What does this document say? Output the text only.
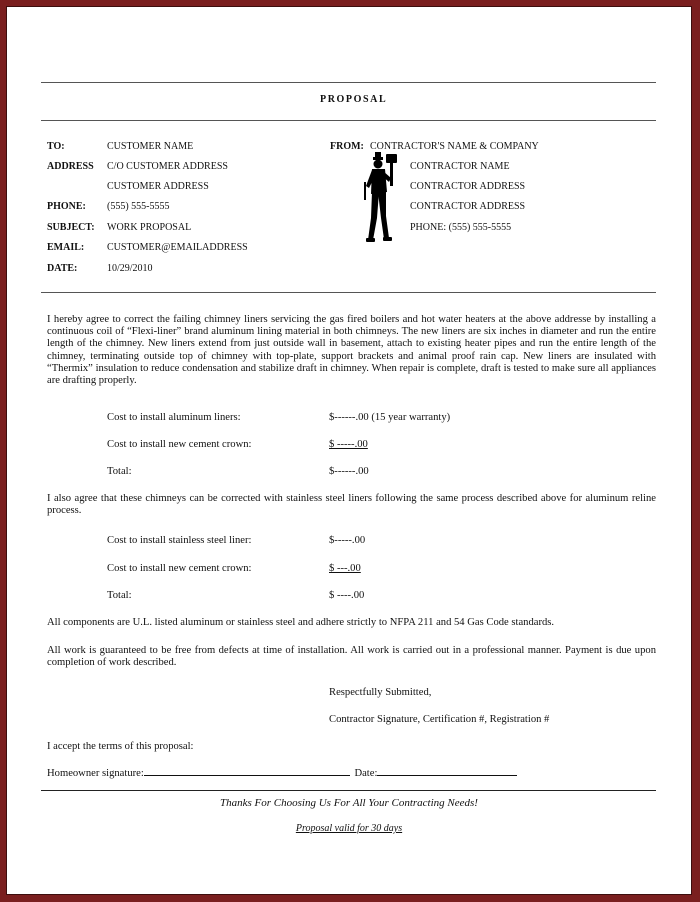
PROPOSAL
TO:	CUSTOMER NAME
ADDRESS C/O CUSTOMER ADDRESS
CUSTOMER ADDRESS
PHONE: (555) 555-5555
SUBJECT: WORK PROPOSAL
EMAIL: CUSTOMER@EMAILADDRESS
DATE:	10/29/2010
FROM: CONTRACTOR'S NAME & COMPANY
CONTRACTOR NAME
CONTRACTOR ADDRESS
CONTRACTOR ADDRESS
PHONE: (555) 555-5555
I hereby agree to correct the failing chimney liners servicing the gas fired boilers and hot water heaters at the above addresse by installing a continuous coil of “Flexi-liner” brand aluminum lining material in both chimneys. The new liners are six inches in diameter and run the entire length of the chimney. New liners extend from just outside wall in basement, attach to existing heater pipes and run the entire length of the chimney, terminating outside top of chimney with top-plate, support brackets and animal proof rain cap. New liners are insulated with “Thermix” insulation to reduce condensation and stabilize draft in chimney. When repair is complete, draft is tested to make sure all appliances are drafting properly.
Cost to install aluminum liners:	$------.00 (15 year warranty)
Cost to install new cement crown:	$ -----.00
Total:	$------.00
I also agree that these chimneys can be corrected with stainless steel liners following the same process described above for aluminum reline process.
Cost to install stainless steel liner:	$-----.00
Cost to install new cement crown:	$ ---.00
Total:	$ ----.00
All components are U.L. listed aluminum or stainless steel and adhere strictly to NFPA 211 and 54 Gas Code standards.
All work is guaranteed to be free from defects at time of installation. All work is carried out in a professional manner. Payment is due upon completion of work described.
Respectfully Submitted,
Contractor Signature, Certification #, Registration #
I accept the terms of this proposal:
Homeowner signature:	Date:
Thanks For Choosing Us For All Your Contracting Needs!
Proposal valid for 30 days
